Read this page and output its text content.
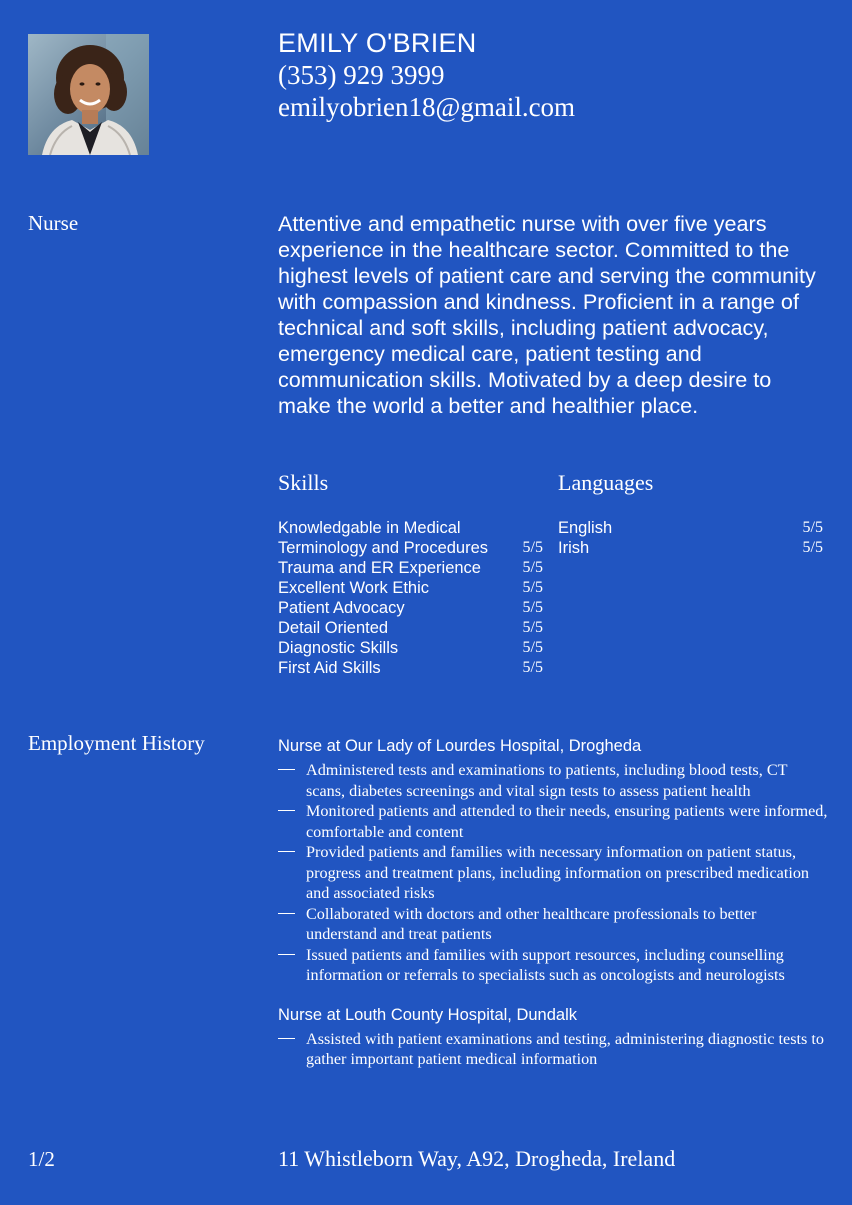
EMILY O'BRIEN
(353) 929 3999
emilyobrien18@gmail.com
Nurse	Attentive and empathetic nurse with over five years experience in the healthcare sector. Committed to the highest levels of patient care and serving the community with compassion and kindness. Proficient in a range of technical and soft skills, including patient advocacy, emergency medical care, patient testing and communication skills. Motivated by a deep desire to make the world a better and healthier place.
Skills
Knowledgable in Medical Terminology and Procedures	5/5
Trauma and ER Experience	5/5
Excellent Work Ethic	5/5
Patient Advocacy	5/5
Detail Oriented	5/5
Diagnostic Skills	5/5
First Aid Skills	5/5
Languages
English	5/5
Irish	5/5
Employment History	Nurse at Our Lady of Lourdes Hospital, Drogheda
Administered tests and examinations to patients, including blood tests, CT scans, diabetes screenings and vital sign tests to assess patient health
Monitored patients and attended to their needs, ensuring patients were informed, comfortable and content
Provided patients and families with necessary information on patient status, progress and treatment plans, including information on prescribed medication and associated risks
Collaborated with doctors and other healthcare professionals to better understand and treat patients
Issued patients and families with support resources, including counselling information or referrals to specialists such as oncologists and neurologists
Nurse at Louth County Hospital, Dundalk
Assisted with patient examinations and testing, administering diagnostic tests to gather important patient medical information
1/2	11 Whistleborn Way, A92, Drogheda, Ireland
